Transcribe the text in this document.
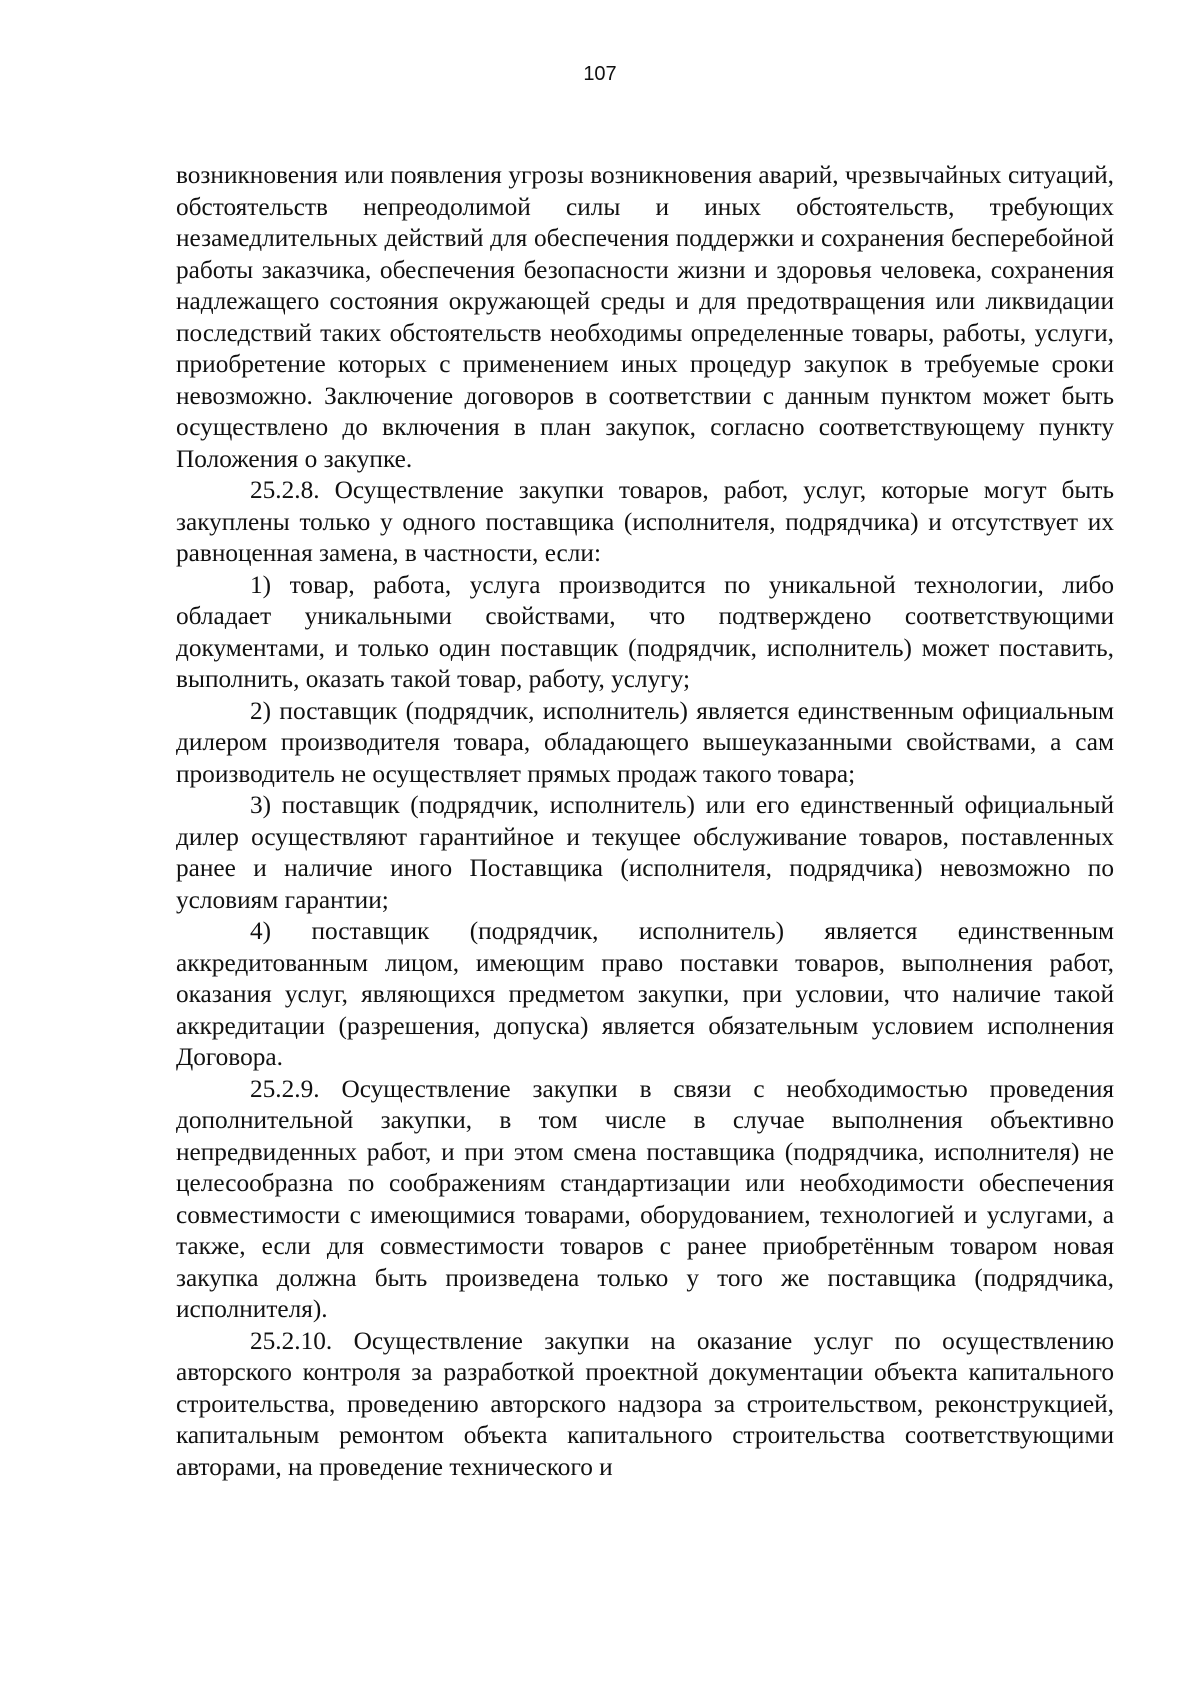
107

возникновения или появления угрозы возникновения аварий, чрезвычайных ситуаций, обстоятельств непреодолимой силы и иных обстоятельств, требующих незамедлительных действий для обеспечения поддержки и сохранения бесперебойной работы заказчика, обеспечения безопасности жизни и здоровья человека, сохранения надлежащего состояния окружающей среды и для предотвращения или ликвидации последствий таких обстоятельств необходимы определенные товары, работы, услуги, приобретение которых с применением иных процедур закупок в требуемые сроки невозможно. Заключение договоров в соответствии с данным пунктом может быть осуществлено до включения в план закупок, согласно соответствующему пункту Положения о закупке.

25.2.8. Осуществление закупки товаров, работ, услуг, которые могут быть закуплены только у одного поставщика (исполнителя, подрядчика) и отсутствует их равноценная замена, в частности, если:

1) товар, работа, услуга производится по уникальной технологии, либо обладает уникальными свойствами, что подтверждено соответствующими документами, и только один поставщик (подрядчик, исполнитель) может поставить, выполнить, оказать такой товар, работу, услугу;

2) поставщик (подрядчик, исполнитель) является единственным официальным дилером производителя товара, обладающего вышеуказанными свойствами, а сам производитель не осуществляет прямых продаж такого товара;

3) поставщик (подрядчик, исполнитель) или его единственный официальный дилер осуществляют гарантийное и текущее обслуживание товаров, поставленных ранее и наличие иного Поставщика (исполнителя, подрядчика) невозможно по условиям гарантии;

4) поставщик (подрядчик, исполнитель) является единственным аккредитованным лицом, имеющим право поставки товаров, выполнения работ, оказания услуг, являющихся предметом закупки, при условии, что наличие такой аккредитации (разрешения, допуска) является обязательным условием исполнения Договора.

25.2.9. Осуществление закупки в связи с необходимостью проведения дополнительной закупки, в том числе в случае выполнения объективно непредвиденных работ, и при этом смена поставщика (подрядчика, исполнителя) не целесообразна по соображениям стандартизации или необходимости обеспечения совместимости с имеющимися товарами, оборудованием, технологией и услугами, а также, если для совместимости товаров с ранее приобретённым товаром новая закупка должна быть произведена только у того же поставщика (подрядчика, исполнителя).

25.2.10. Осуществление закупки на оказание услуг по осуществлению авторского контроля за разработкой проектной документации объекта капитального строительства, проведению авторского надзора за строительством, реконструкцией, капитальным ремонтом объекта капитального строительства соответствующими авторами, на проведение технического и
